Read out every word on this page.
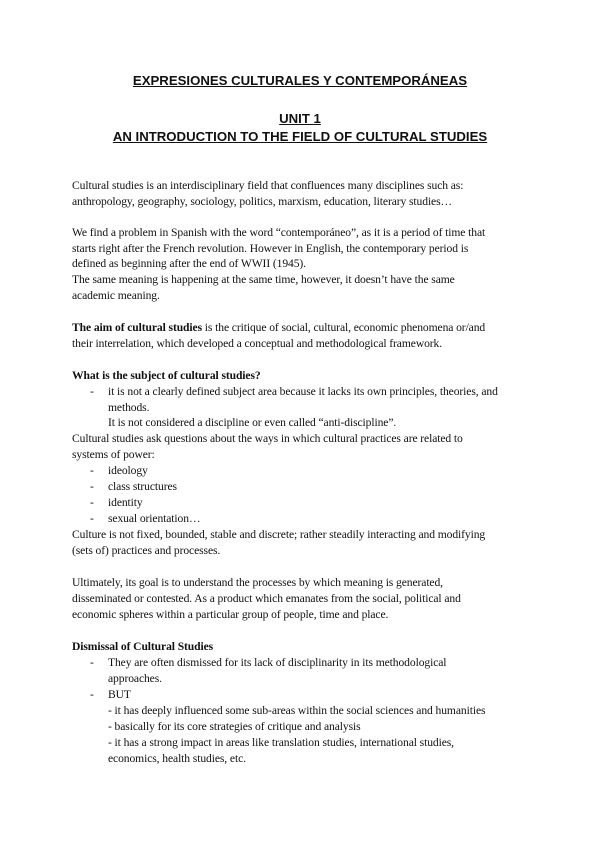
EXPRESIONES CULTURALES Y CONTEMPORÁNEAS
UNIT 1
AN INTRODUCTION TO THE FIELD OF CULTURAL STUDIES
Cultural studies is an interdisciplinary field that confluences many disciplines such as:
anthropology, geography, sociology, politics, marxism, education, literary studies…
We find a problem in Spanish with the word “contemporáneo”, as it is a period of time that
starts right after the French revolution. However in English, the contemporary period is
defined as beginning after the end of WWII (1945).
The same meaning is happening at the same time, however, it doesn’t have the same
academic meaning.
The aim of cultural studies is the critique of social, cultural, economic phenomena or/and
their interrelation, which developed a conceptual and methodological framework.
What is the subject of cultural studies?
- it is not a clearly defined subject area because it lacks its own principles, theories, and
methods.
It is not considered a discipline or even called “anti-discipline”.
Cultural studies ask questions about the ways in which cultural practices are related to
systems of power:
- ideology
- class structures
- identity
- sexual orientation…
Culture is not fixed, bounded, stable and discrete; rather steadily interacting and modifying
(sets of) practices and processes.
Ultimately, its goal is to understand the processes by which meaning is generated,
disseminated or contested. As a product which emanates from the social, political and
economic spheres within a particular group of people, time and place.
Dismissal of Cultural Studies
- They are often dismissed for its lack of disciplinarity in its methodological
approaches.
- BUT
- it has deeply influenced some sub-areas within the social sciences and humanities
- basically for its core strategies of critique and analysis
- it has a strong impact in areas like translation studies, international studies,
economics, health studies, etc.
